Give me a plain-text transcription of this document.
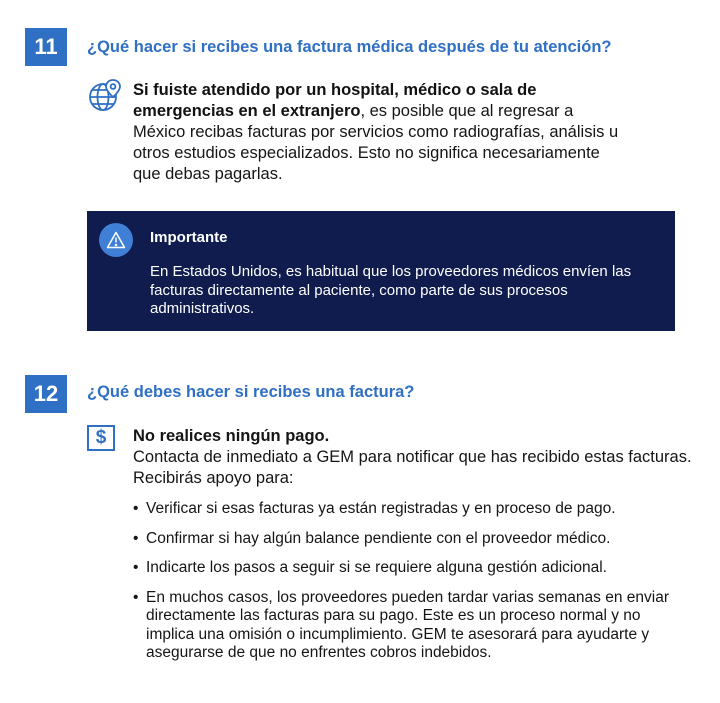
11	¿Qué hacer si recibes una factura médica después de tu atención?
Si fuiste atendido por un hospital, médico o sala de emergencias en el extranjero, es posible que al regresar a México recibas facturas por servicios como radiografías, análisis u otros estudios especializados. Esto no significa necesariamente que debas pagarlas.
Importante
En Estados Unidos, es habitual que los proveedores médicos envíen las facturas directamente al paciente, como parte de sus procesos administrativos.
12	¿Qué debes hacer si recibes una factura?
$	No realices ningún pago.
Contacta de inmediato a GEM para notificar que has recibido estas facturas. Recibirás apoyo para:
• Verificar si esas facturas ya están registradas y en proceso de pago.
• Confirmar si hay algún balance pendiente con el proveedor médico.
• Indicarte los pasos a seguir si se requiere alguna gestión adicional.
• En muchos casos, los proveedores pueden tardar varias semanas en enviar directamente las facturas para su pago. Este es un proceso normal y no implica una omisión o incumplimiento. GEM te asesorará para ayudarte y asegurarse de que no enfrentes cobros indebidos.
